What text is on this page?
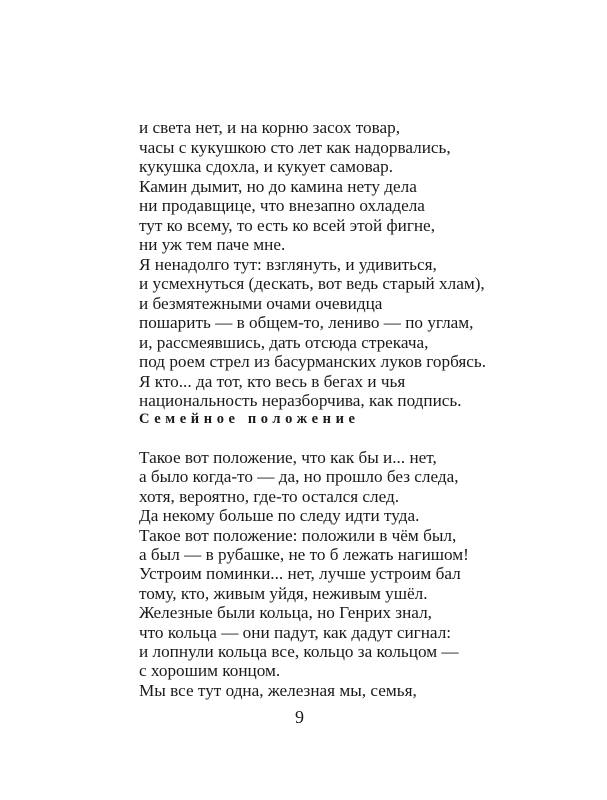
и света нет, и на корню засох товар,
часы с кукушкою сто лет как надорвались,
кукушка сдохла, и кукует самовар.
Камин дымит, но до камина нету дела
ни продавщице, что внезапно охладела
тут ко всему, то есть ко всей этой фигне,
ни уж тем паче мне.
Я ненадолго тут: взглянуть, и удивиться,
и усмехнуться (дескать, вот ведь старый хлам),
и безмятежными очами очевидца
пошарить — в общем-то, лениво — по углам,
и, рассмеявшись, дать отсюда стрекача,
под роем стрел из басурманских луков горбясь.
Я кто... да тот, кто весь в бегах и чья
национальность неразборчива, как подпись.
Семейное положение
Такое вот положение, что как бы и... нет,
а было когда-то — да, но прошло без следа,
хотя, вероятно, где-то остался след.
Да некому больше по следу идти туда.
Такое вот положение: положили в чём был,
а был — в рубашке, не то б лежать нагишом!
Устроим поминки... нет, лучше устроим бал
тому, кто, живым уйдя, неживым ушёл.
Железные были кольца, но Генрих знал,
что кольца — они падут, как дадут сигнал:
и лопнули кольца все, кольцо за кольцом —
с хорошим концом.
Мы все тут одна, железная мы, семья,
9
